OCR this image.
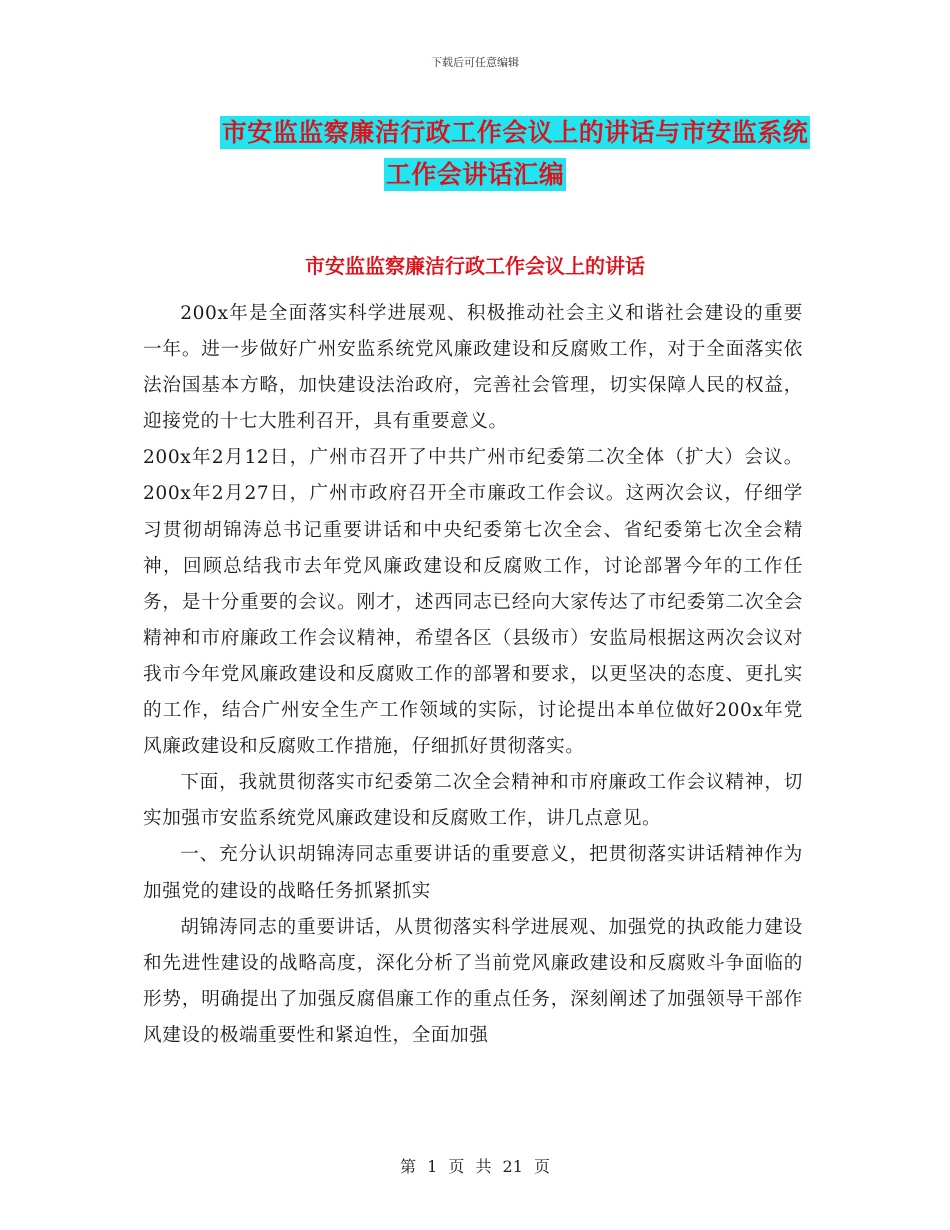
下载后可任意编辑
市安监监察廉洁行政工作会议上的讲话与市安监系统
工作会讲话汇编
市安监监察廉洁行政工作会议上的讲话

200x年是全面落实科学进展观、积极推动社会主义和谐社会建设的重要一年。进一步做好广州安监系统党风廉政建设和反腐败工作，对于全面落实依法治国基本方略，加快建设法治政府，完善社会管理，切实保障人民的权益，迎接党的十七大胜利召开，具有重要意义。

200x年2月12日，广州市召开了中共广州市纪委第二次全体（扩大）会议。200x年2月27日，广州市政府召开全市廉政工作会议。这两次会议，仔细学习贯彻胡锦涛总书记重要讲话和中央纪委第七次全会、省纪委第七次全会精神，回顾总结我市去年党风廉政建设和反腐败工作，讨论部署今年的工作任务，是十分重要的会议。刚才，述西同志已经向大家传达了市纪委第二次全会精神和市府廉政工作会议精神，希望各区（县级市）安监局根据这两次会议对我市今年党风廉政建设和反腐败工作的部署和要求，以更坚决的态度、更扎实的工作，结合广州安全生产工作领域的实际，讨论提出本单位做好200x年党风廉政建设和反腐败工作措施，仔细抓好贯彻落实。

下面，我就贯彻落实市纪委第二次全会精神和市府廉政工作会议精神，切实加强市安监系统党风廉政建设和反腐败工作，讲几点意见。

一、充分认识胡锦涛同志重要讲话的重要意义，把贯彻落实讲话精神作为加强党的建设的战略任务抓紧抓实

胡锦涛同志的重要讲话，从贯彻落实科学进展观、加强党的执政能力建设和先进性建设的战略高度，深化分析了当前党风廉政建设和反腐败斗争面临的形势，明确提出了加强反腐倡廉工作的重点任务，深刻阐述了加强领导干部作风建设的极端重要性和紧迫性，全面加强

第 1 页 共 21 页
